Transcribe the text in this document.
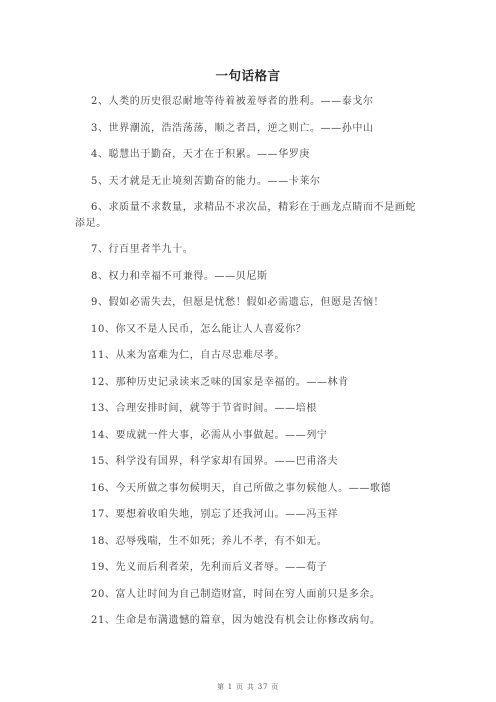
一句话格言
2、人类的历史很忍耐地等待着被羞辱者的胜利。——泰戈尔
3、世界潮流，浩浩荡荡，顺之者昌，逆之则亡。——孙中山
4、聪慧出于勤奋，天才在于积累。——华罗庚
5、天才就是无止境刻苦勤奋的能力。——卡莱尔
6、求质量不求数量，求精品不求次品，精彩在于画龙点睛而不是画蛇添足。
7、行百里者半九十。
8、权力和幸福不可兼得。——贝尼斯
9、假如必需失去，但愿是忧愁！假如必需遗忘，但愿是苦恼！
10、你又不是人民币，怎么能让人人喜爱你？
11、从来为富难为仁，自古尽忠难尽孝。
12、那种历史记录读来乏味的国家是幸福的。——林肯
13、合理安排时间，就等于节省时间。——培根
14、要成就一件大事，必需从小事做起。——列宁
15、科学没有国界，科学家却有国界。——巴甫洛夫
16、今天所做之事勿候明天，自己所做之事勿候他人。——歌德
17、要想着收咱失地，别忘了还我河山。——冯玉祥
18、忍辱残喘，生不如死；养儿不孝，有不如无。
19、先义而后利者荣，先利而后义者辱。——荀子
20、富人让时间为自己制造财富，时间在穷人面前只是多余。
21、生命是布满遗憾的篇章，因为她没有机会让你修改病句。
第 1 页 共 37 页
